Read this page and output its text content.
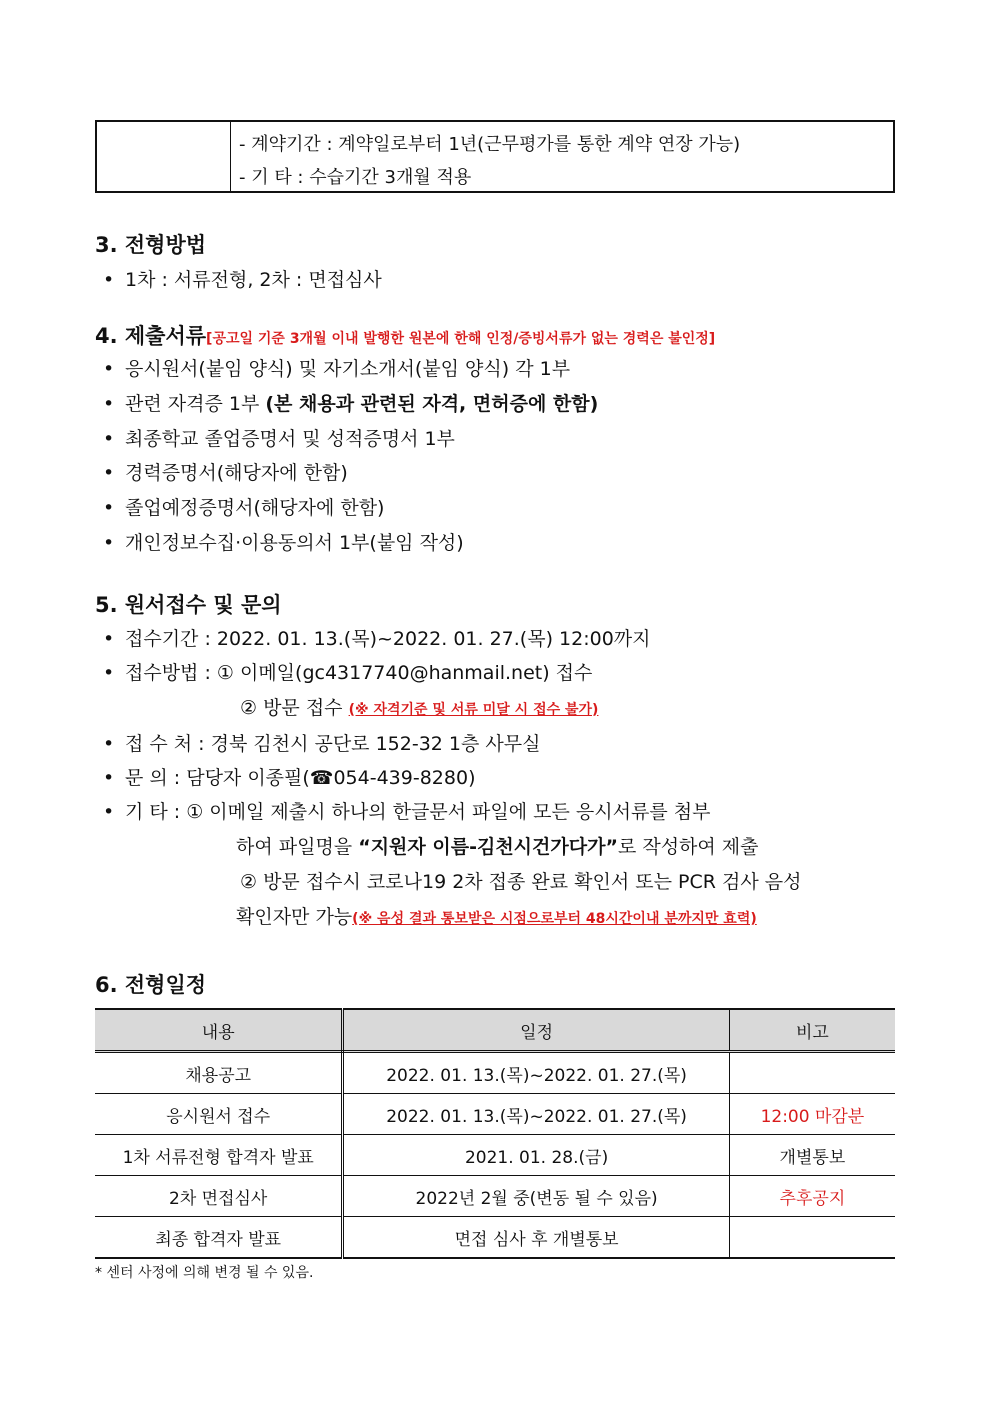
- 계약기간 : 계약일로부터 1년(근무평가를 통한 계약 연장 가능)
- 기 타 : 수습기간 3개월 적용
3. 전형방법
• 1차 : 서류전형, 2차 : 면접심사
4. 제출서류[공고일 기준 3개월 이내 발행한 원본에 한해 인정/증빙서류가 없는 경력은 불인정]
• 응시원서(붙임 양식) 및 자기소개서(붙임 양식) 각 1부
• 관련 자격증 1부 (본 채용과 관련된 자격, 면허증에 한함)
• 최종학교 졸업증명서 및 성적증명서 1부
• 경력증명서(해당자에 한함)
• 졸업예정증명서(해당자에 한함)
• 개인정보수집·이용동의서 1부(붙임 작성)
5. 원서접수 및 문의
• 접수기간 : 2022. 01. 13.(목)~2022. 01. 27.(목) 12:00까지
• 접수방법 : ① 이메일(gc4317740@hanmail.net) 접수
② 방문 접수 (※ 자격기준 및 서류 미달 시 접수 불가)
• 접 수 처 : 경북 김천시 공단로 152-32 1층 사무실
• 문 의 : 담당자 이종필(☎054-439-8280)
• 기 타 : ① 이메일 제출시 하나의 한글문서 파일에 모든 응시서류를 첨부
하여 파일명을 “지원자 이름-김천시건가다가”로 작성하여 제출
② 방문 접수시 코로나19 2차 접종 완료 확인서 또는 PCR 검사 음성
확인자만 가능(※ 음성 결과 통보받은 시점으로부터 48시간이내 분까지만 효력)
6. 전형일정
내용	일정	비고
채용공고	2022. 01. 13.(목)~2022. 01. 27.(목)	
응시원서 접수	2022. 01. 13.(목)~2022. 01. 27.(목)	12:00 마감분
1차 서류전형 합격자 발표	2021. 01. 28.(금)	개별통보
2차 면접심사	2022년 2월 중(변동 될 수 있음)	추후공지
최종 합격자 발표	면접 심사 후 개별통보	
* 센터 사정에 의해 변경 될 수 있음.
